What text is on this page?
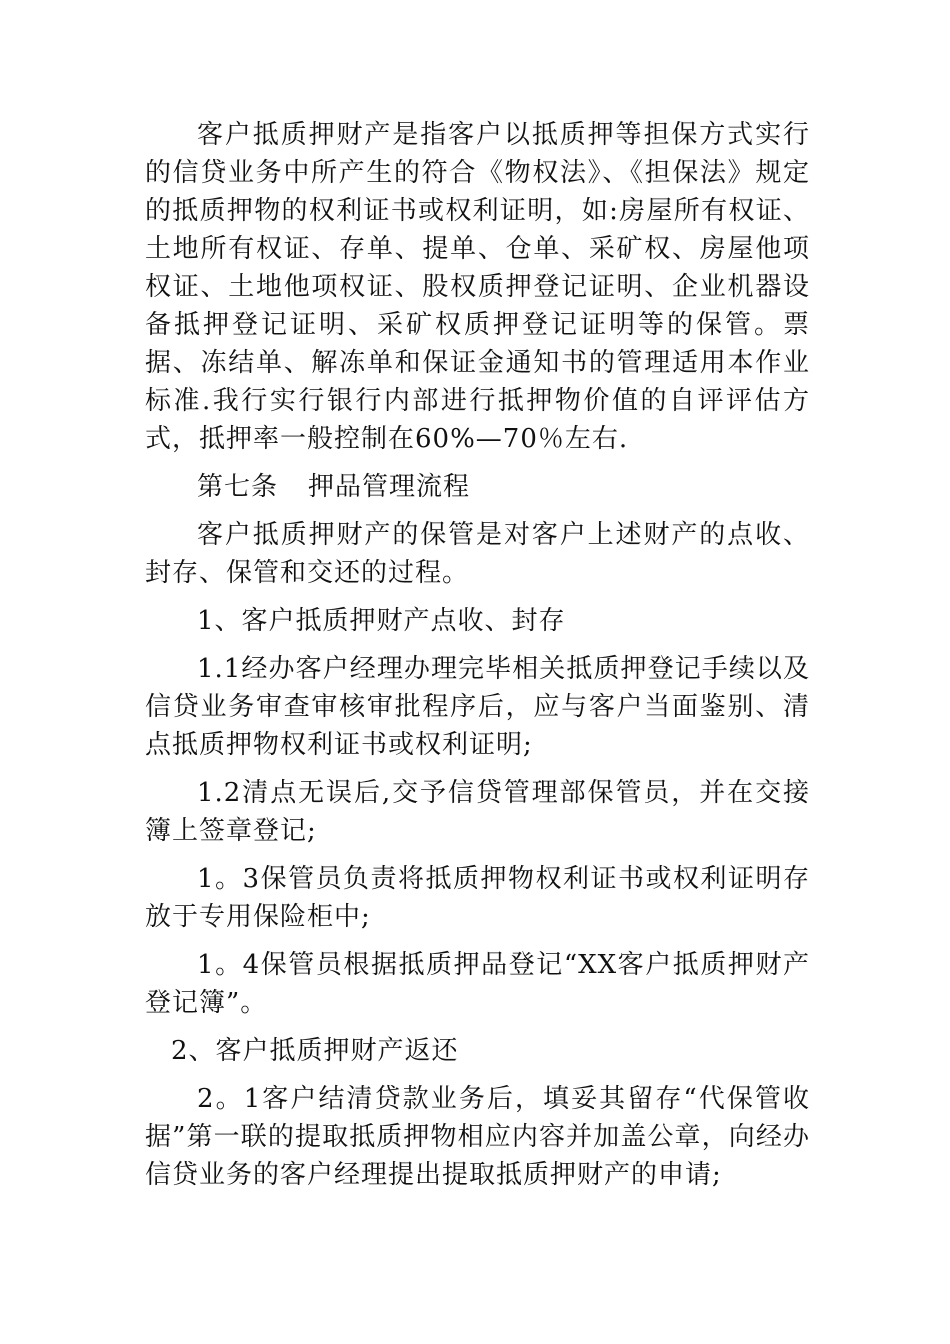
客户抵质押财产是指客户以抵质押等担保方式实行的信贷业务中所产生的符合《物权法》、《担保法》规定的抵质押物的权利证书或权利证明，如:房屋所有权证、土地所有权证、存单、提单、仓单、采矿权、房屋他项权证、土地他项权证、股权质押登记证明、企业机器设备抵押登记证明、采矿权质押登记证明等的保管。票据、冻结单、解冻单和保证金通知书的管理适用本作业标准.我行实行银行内部进行抵押物价值的自评评估方式，抵押率一般控制在60%—70％左右.

第七条 押品管理流程

客户抵质押财产的保管是对客户上述财产的点收、封存、保管和交还的过程。

1、客户抵质押财产点收、封存

1.1经办客户经理办理完毕相关抵质押登记手续以及信贷业务审查审核审批程序后，应与客户当面鉴别、清点抵质押物权利证书或权利证明;

1.2清点无误后,交予信贷管理部保管员，并在交接簿上签章登记;

1。3保管员负责将抵质押物权利证书或权利证明存放于专用保险柜中;

1。4保管员根据抵质押品登记“XX客户抵质押财产登记簿”。

2、客户抵质押财产返还

2。1客户结清贷款业务后，填妥其留存“代保管收据”第一联的提取抵质押物相应内容并加盖公章，向经办信贷业务的客户经理提出提取抵质押财产的申请;
